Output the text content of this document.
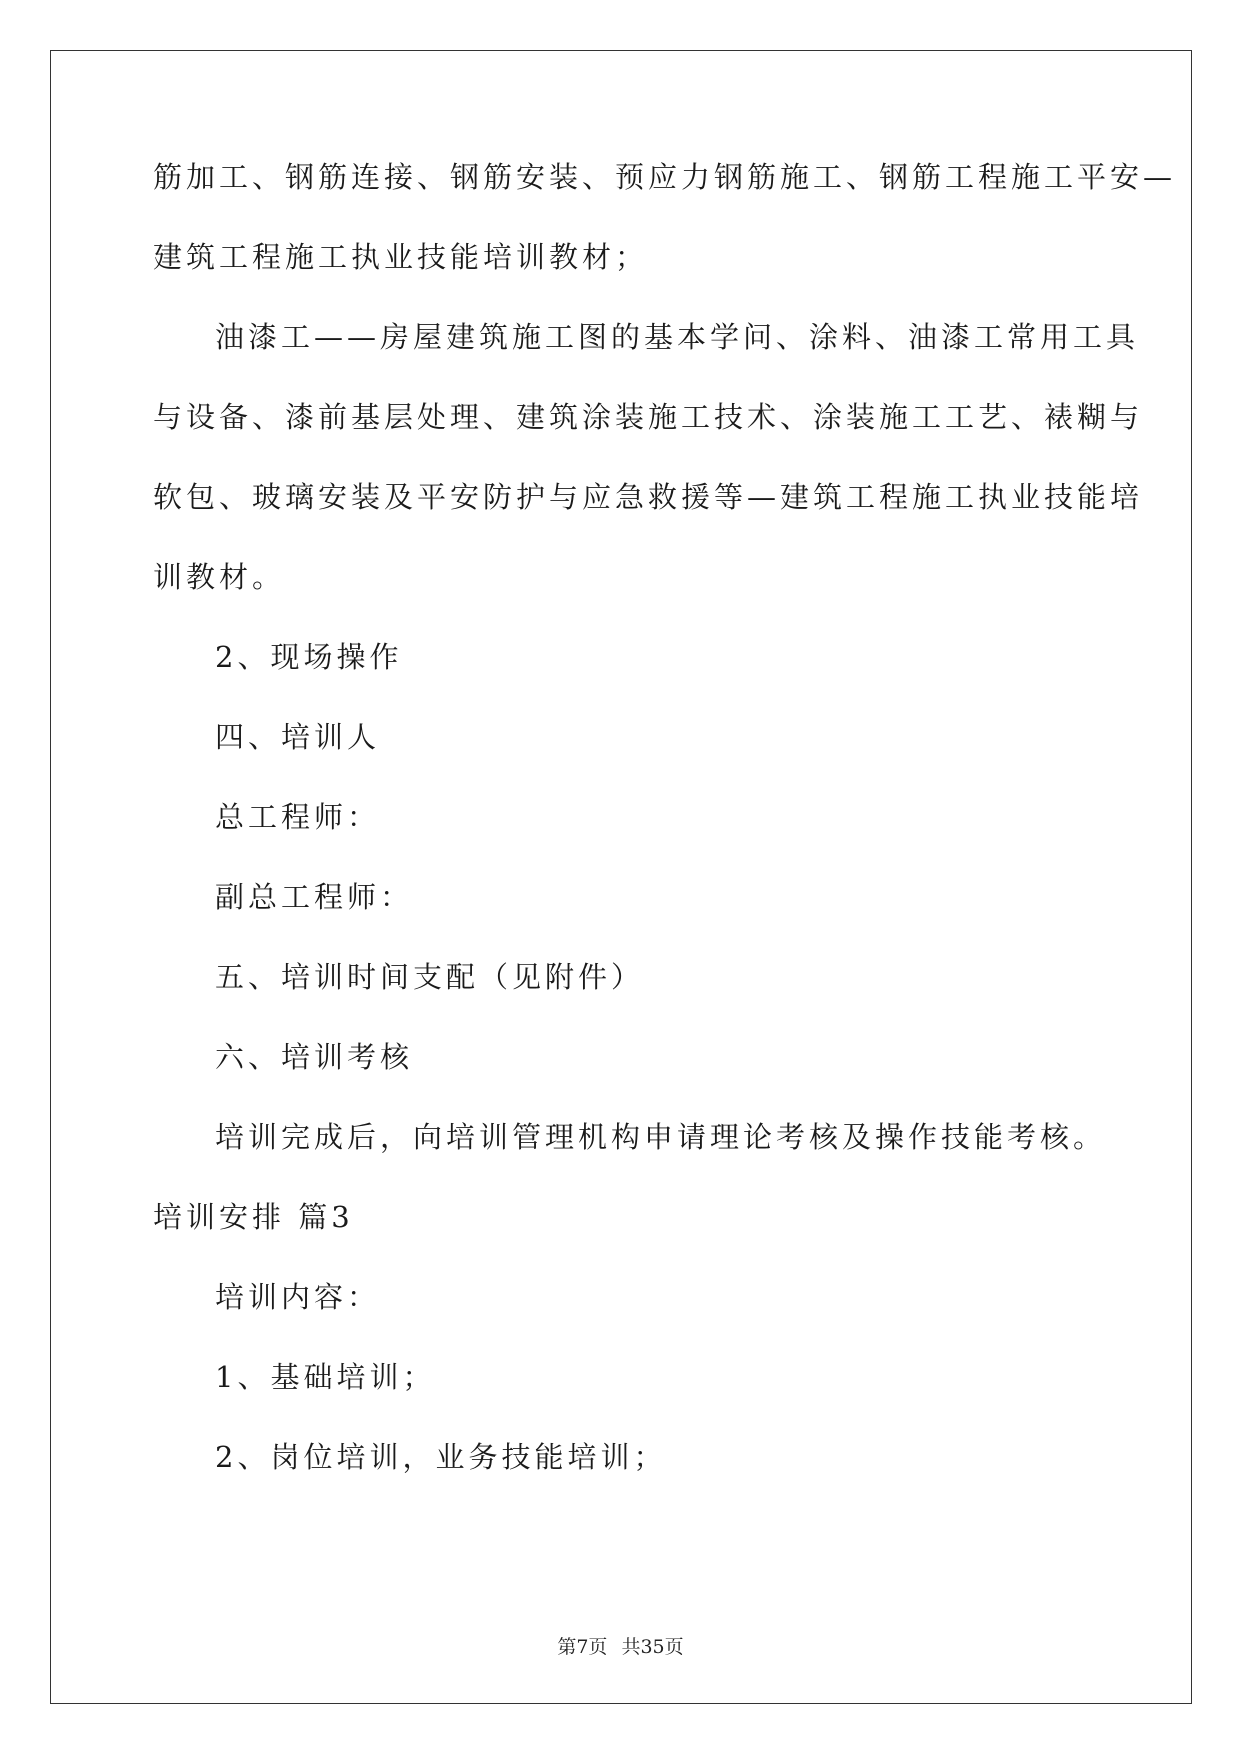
筋加工、钢筋连接、钢筋安装、预应力钢筋施工、钢筋工程施工平安—
建筑工程施工执业技能培训教材；
油漆工——房屋建筑施工图的基本学问、涂料、油漆工常用工具
与设备、漆前基层处理、建筑涂装施工技术、涂装施工工艺、裱糊与
软包、玻璃安装及平安防护与应急救援等—建筑工程施工执业技能培
训教材。
2、现场操作
四、培训人
总工程师：
副总工程师：
五、培训时间支配（见附件）
六、培训考核
培训完成后，向培训管理机构申请理论考核及操作技能考核。
培训安排 篇3
培训内容：
1、基础培训；
2、岗位培训，业务技能培训；
第7页 共35页
